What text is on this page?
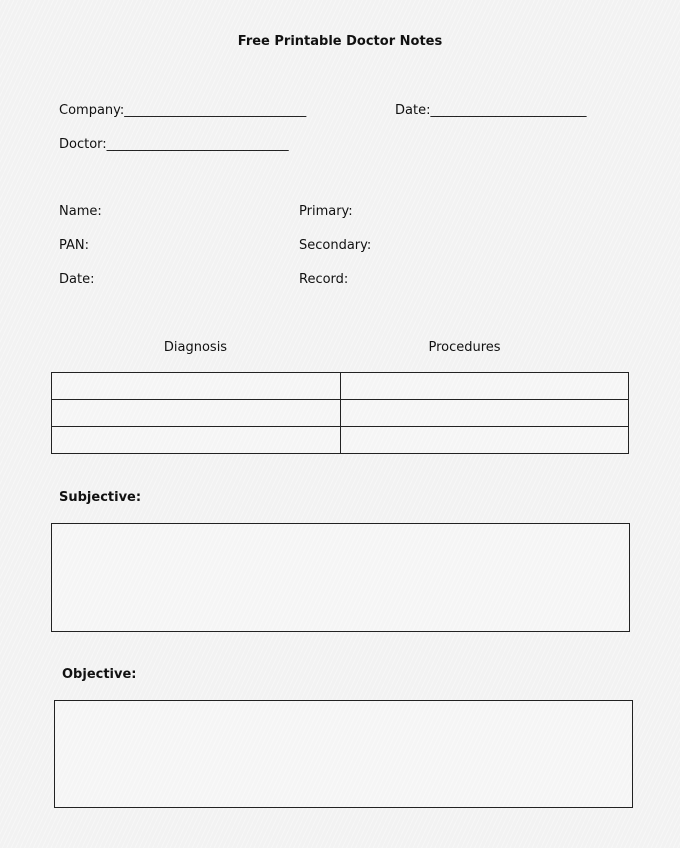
Free Printable Doctor Notes
Company:____________________________	Date:________________________
Doctor:____________________________
Name:	Primary:
PAN:	Secondary:
Date:	Record:
Diagnosis	Procedures
Subjective:
Objective:
